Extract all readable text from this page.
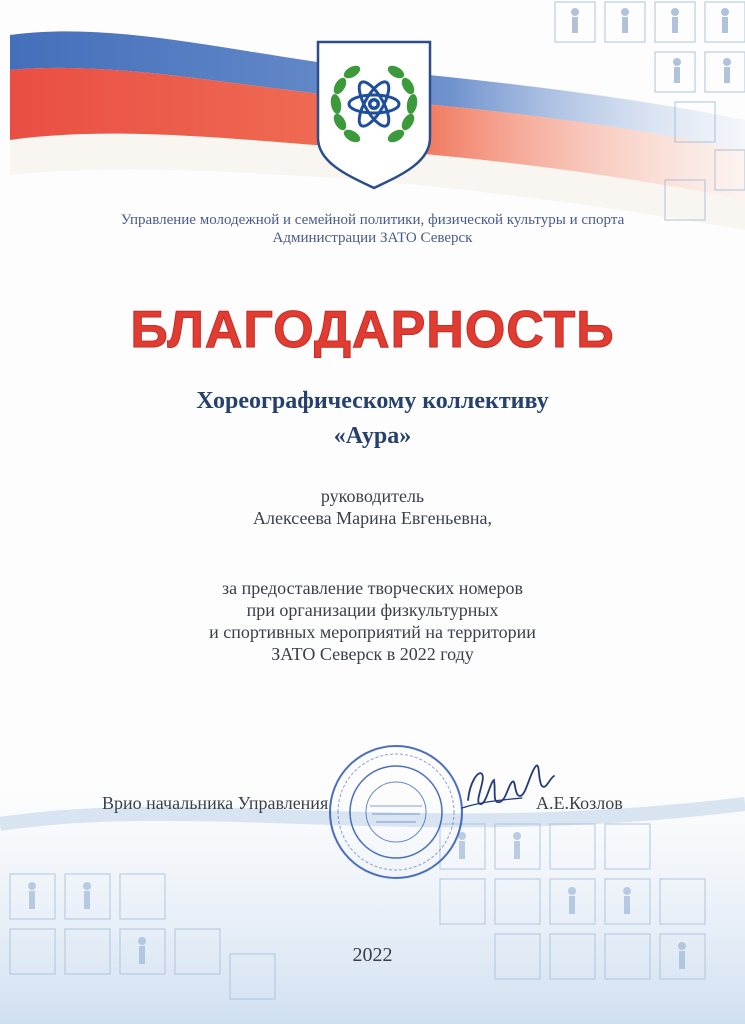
Управление молодежной и семейной политики, физической культуры и спорта
Администрации ЗАТО Северск
БЛАГОДАРНОСТЬ
Хореографическому коллективу
«Аура»
руководитель
Алексеева Марина Евгеньевна,
за предоставление творческих номеров
при организации физкультурных
и спортивных мероприятий на территории
ЗАТО Северск в 2022 году
Врио начальника Управления	А.Е.Козлов
2022
